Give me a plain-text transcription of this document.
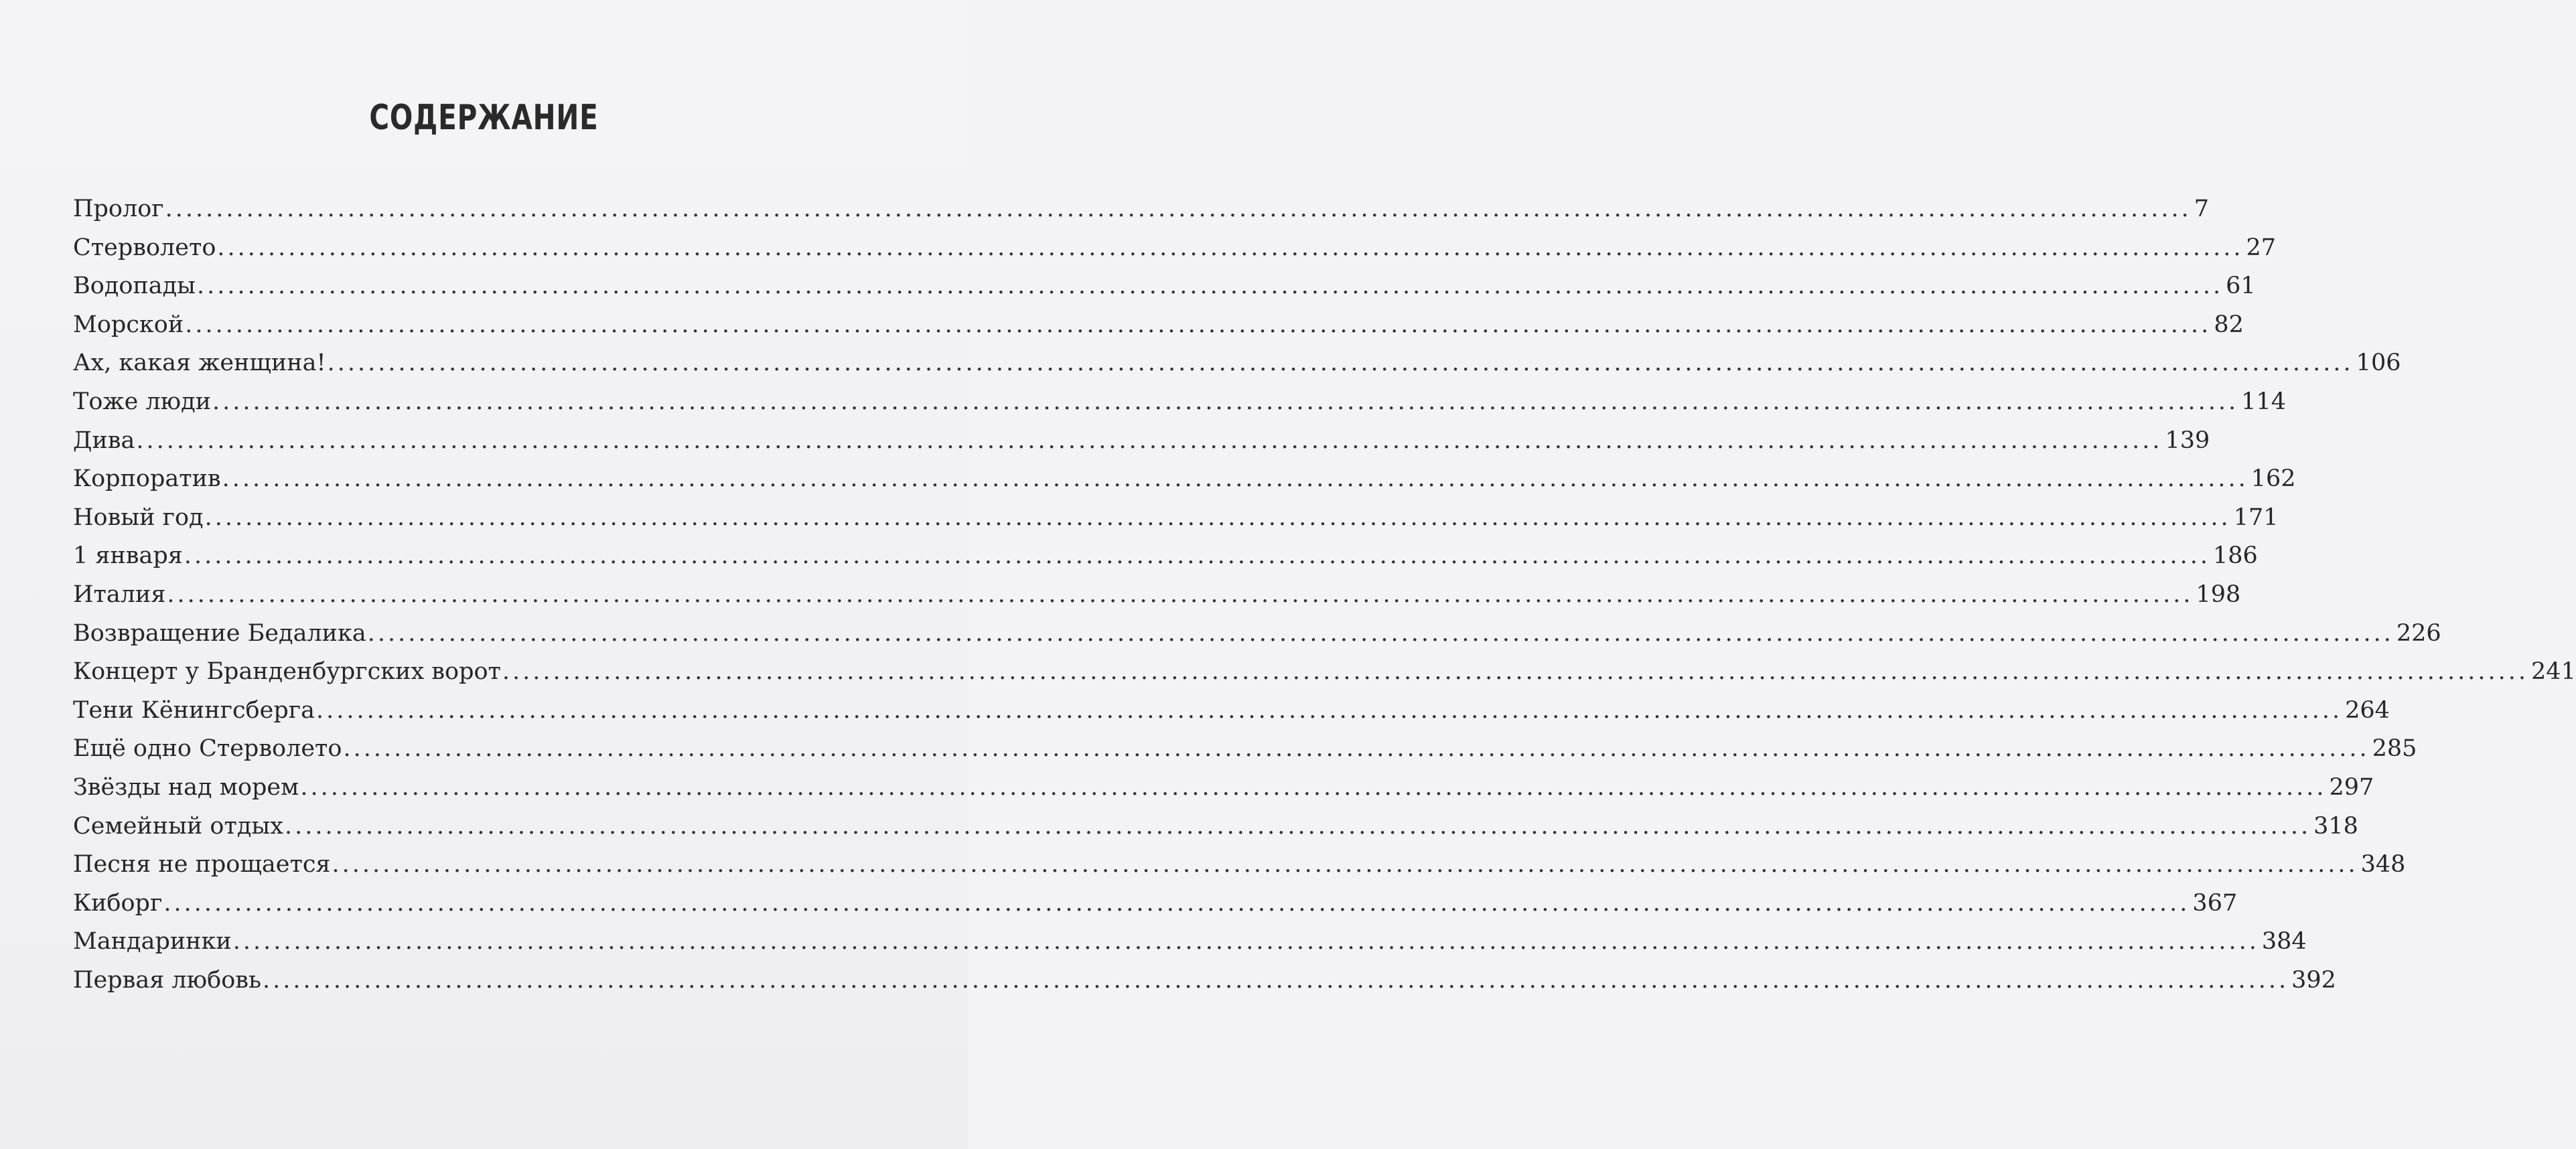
СОДЕРЖАНИЕ
Пролог ........................................................................................................................................................................................................ 7
Стерволето ........................................................................................................................................................................................................ 27
Водопады ........................................................................................................................................................................................................ 61
Морской ........................................................................................................................................................................................................ 82
Ах, какая женщина! ........................................................................................................................................................................................................ 106
Тоже люди ........................................................................................................................................................................................................ 114
Дива ........................................................................................................................................................................................................ 139
Корпоратив ........................................................................................................................................................................................................ 162
Новый год ........................................................................................................................................................................................................ 171
1 января ........................................................................................................................................................................................................ 186
Италия ........................................................................................................................................................................................................ 198
Возвращение Бедалика ........................................................................................................................................................................................................ 226
Концерт у Бранденбургских ворот ........................................................................................................................................................................................................ 241
Тени Кёнингсберга ........................................................................................................................................................................................................ 264
Ещё одно Стерволето ........................................................................................................................................................................................................ 285
Звёзды над морем ........................................................................................................................................................................................................ 297
Семейный отдых ........................................................................................................................................................................................................ 318
Песня не прощается ........................................................................................................................................................................................................ 348
Киборг ........................................................................................................................................................................................................ 367
Мандаринки ........................................................................................................................................................................................................ 384
Первая любовь ........................................................................................................................................................................................................ 392
